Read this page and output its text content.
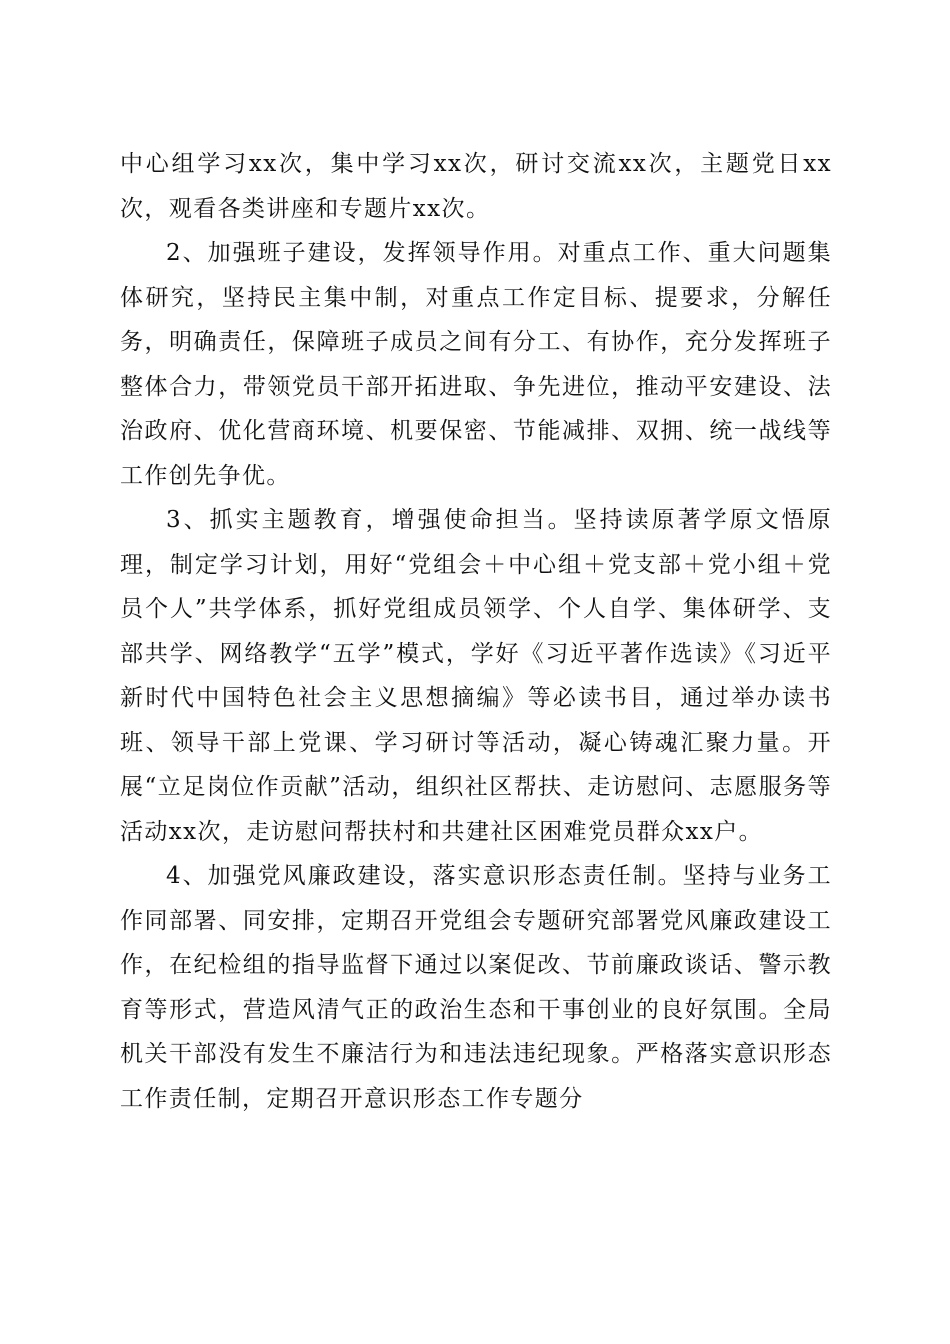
中心组学习xx次，集中学习xx次，研讨交流xx次，主题党日xx次，观看各类讲座和专题片xx次。

2、加强班子建设，发挥领导作用。对重点工作、重大问题集体研究，坚持民主集中制，对重点工作定目标、提要求，分解任务，明确责任，保障班子成员之间有分工、有协作，充分发挥班子整体合力，带领党员干部开拓进取、争先进位，推动平安建设、法治政府、优化营商环境、机要保密、节能减排、双拥、统一战线等工作创先争优。

3、抓实主题教育，增强使命担当。坚持读原著学原文悟原理，制定学习计划，用好“党组会＋中心组＋党支部＋党小组＋党员个人”共学体系，抓好党组成员领学、个人自学、集体研学、支部共学、网络教学“五学”模式，学好《习近平著作选读》《习近平新时代中国特色社会主义思想摘编》等必读书目，通过举办读书班、领导干部上党课、学习研讨等活动，凝心铸魂汇聚力量。开展“立足岗位作贡献”活动，组织社区帮扶、走访慰问、志愿服务等活动xx次，走访慰问帮扶村和共建社区困难党员群众xx户。

4、加强党风廉政建设，落实意识形态责任制。坚持与业务工作同部署、同安排，定期召开党组会专题研究部署党风廉政建设工作，在纪检组的指导监督下通过以案促改、节前廉政谈话、警示教育等形式，营造风清气正的政治生态和干事创业的良好氛围。全局机关干部没有发生不廉洁行为和违法违纪现象。严格落实意识形态工作责任制，定期召开意识形态工作专题分
